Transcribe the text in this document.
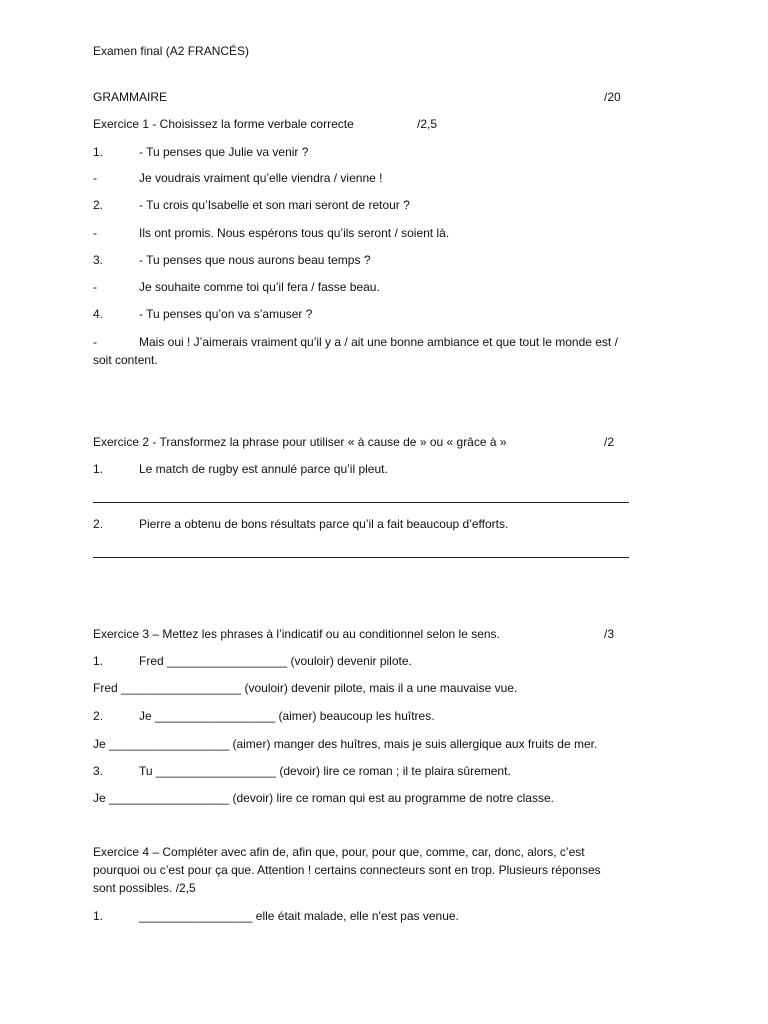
Examen final (A2 FRANCÉS)
GRAMMAIRE	/20
Exercice 1 - Choisissez la forme verbale correcte	/2,5
1.	- Tu penses que Julie va venir ?
-	Je voudrais vraiment qu’elle viendra / vienne !
2.	- Tu crois qu’Isabelle et son mari seront de retour ?
-	Ils ont promis. Nous espérons tous qu’ils seront / soient là.
3.	- Tu penses que nous aurons beau temps ?
-	Je souhaite comme toi qu’il fera / fasse beau.
4.	- Tu penses qu’on va s’amuser ?
-	Mais oui ! J’aimerais vraiment qu’il y a / ait une bonne ambiance et que tout le monde est /
soit content.
Exercice 2 - Transformez la phrase pour utiliser « à cause de » ou « grâce à »	/2
1.	Le match de rugby est annulé parce qu’il pleut.
2.	Pierre a obtenu de bons résultats parce qu’il a fait beaucoup d’efforts.
Exercice 3 – Mettez les phrases à l’indicatif ou au conditionnel selon le sens.	/3
1.	Fred __________________ (vouloir) devenir pilote.
Fred __________________ (vouloir) devenir pilote, mais il a une mauvaise vue.
2.	Je __________________ (aimer) beaucoup les huîtres.
Je __________________ (aimer) manger des huîtres, mais je suis allergique aux fruits de mer.
3.	Tu __________________ (devoir) lire ce roman ; il te plaira sûrement.
Je __________________ (devoir) lire ce roman qui est au programme de notre classe.
Exercice 4 – Compléter avec afin de, afin que, pour, pour que, comme, car, donc, alors, c’est
pourquoi ou c’est pour ça que. Attention ! certains connecteurs sont en trop. Plusieurs réponses
sont possibles. /2,5
1.	_________________ elle était malade, elle n'est pas venue.
